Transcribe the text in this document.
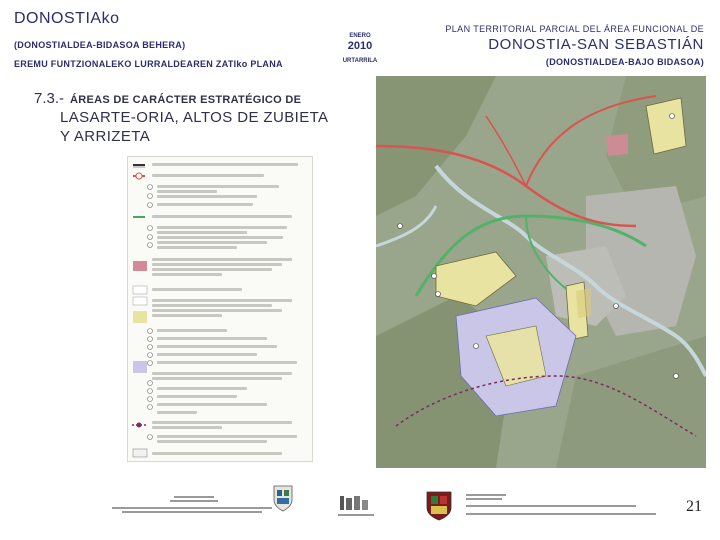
DONOSTIAko
(DONOSTIALDEA-BIDASOA BEHERA)
EREMU FUNTZIONALEKO LURRALDEAREN ZATIko PLANA
ENERO
2010
URTARRILA
PLAN TERRITORIAL PARCIAL DEL ÁREA FUNCIONAL DE
DONOSTIA-SAN SEBASTIÁN
(DONOSTIALDEA-BAJO BIDASOA)
7.3.- ÁREAS DE CARÁCTER ESTRATÉGICO DE
LASARTE-ORIA, ALTOS DE ZUBIETA
Y ARRIZETA
21
